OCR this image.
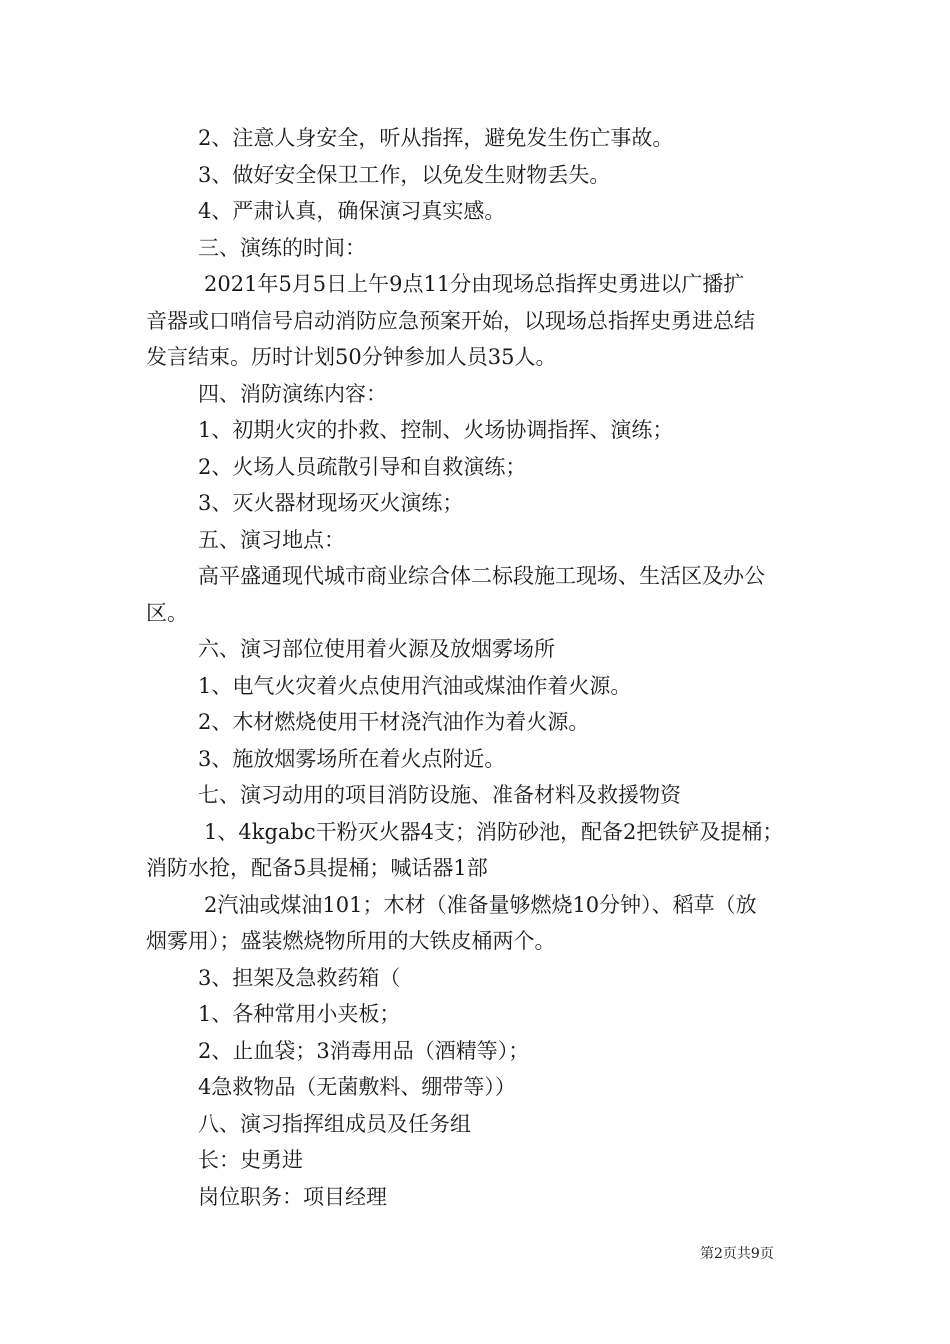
2、注意人身安全，听从指挥，避免发生伤亡事故。
3、做好安全保卫工作，以免发生财物丢失。
4、严肃认真，确保演习真实感。
三、演练的时间：
2021年5月5日上午9点11分由现场总指挥史勇进以广播扩
音器或口哨信号启动消防应急预案开始，以现场总指挥史勇进总结
发言结束。历时计划50分钟参加人员35人。
四、消防演练内容：
1、初期火灾的扑救、控制、火场协调指挥、演练；
2、火场人员疏散引导和自救演练；
3、灭火器材现场灭火演练；
五、演习地点：
高平盛通现代城市商业综合体二标段施工现场、生活区及办公
区。
六、演习部位使用着火源及放烟雾场所
1、电气火灾着火点使用汽油或煤油作着火源。
2、木材燃烧使用干材浇汽油作为着火源。
3、施放烟雾场所在着火点附近。
七、演习动用的项目消防设施、准备材料及救援物资
1、4kgabc干粉灭火器4支；消防砂池，配备2把铁铲及提桶；
消防水抢，配备5具提桶；喊话器1部
2汽油或煤油101；木材（准备量够燃烧10分钟）、稻草（放
烟雾用）；盛装燃烧物所用的大铁皮桶两个。
3、担架及急救药箱（
1、各种常用小夹板；
2、止血袋；3消毒用品（酒精等）；
4急救物品（无菌敷料、绷带等））
八、演习指挥组成员及任务组
长：史勇进
岗位职务：项目经理
第2页共9页
